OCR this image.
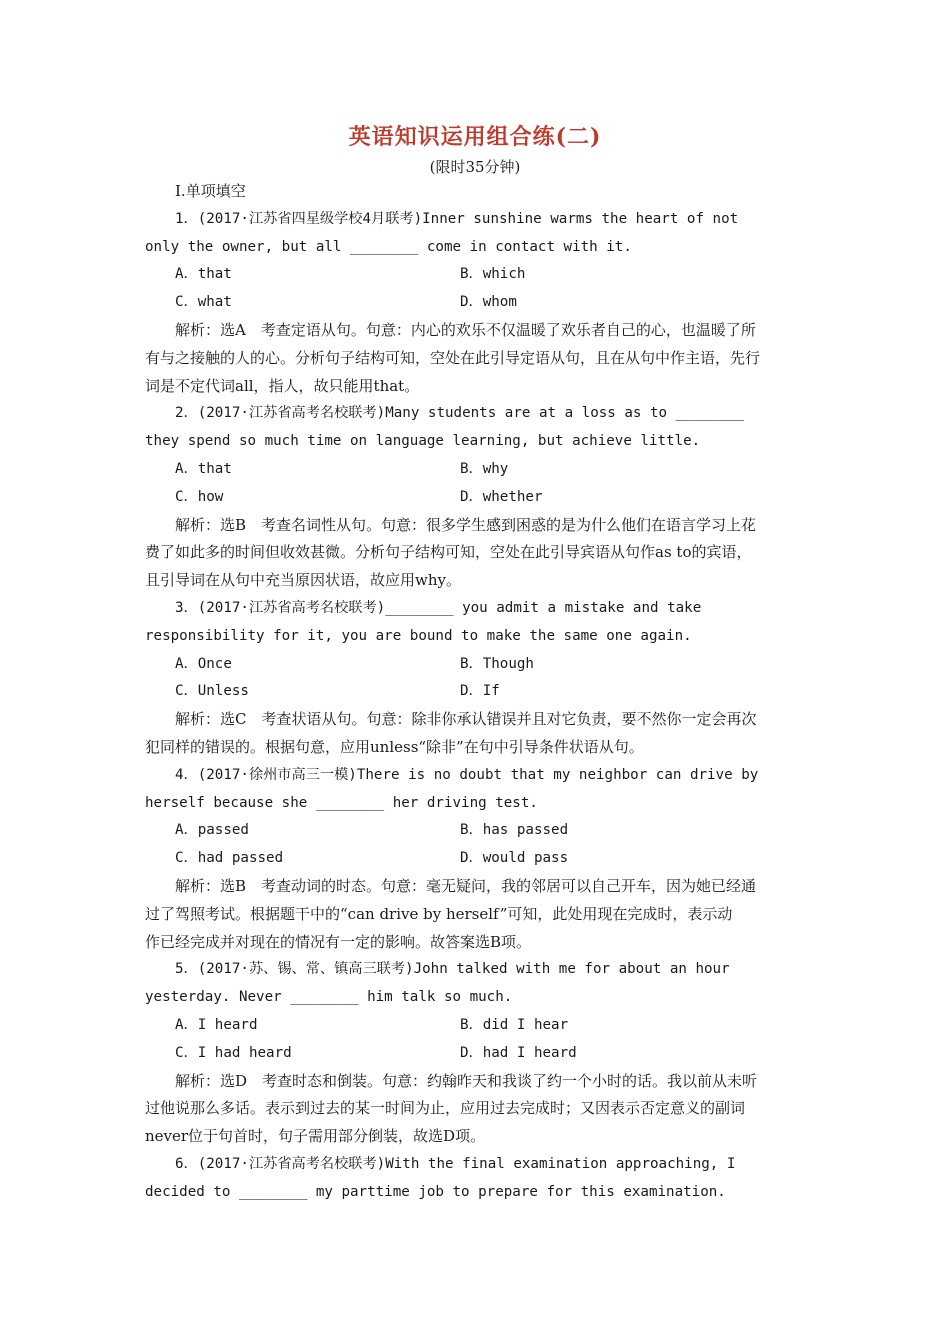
英语知识运用组合练(二)
(限时35分钟)
Ⅰ.单项填空
1．(2017·江苏省四星级学校4月联考)Inner sunshine warms the heart of not
only the owner, but all ________ come in contact with it.
A．that	B．which
C．what	D．whom
解析：选A　考查定语从句。句意：内心的欢乐不仅温暖了欢乐者自己的心，也温暖了所
有与之接触的人的心。分析句子结构可知，空处在此引导定语从句，且在从句中作主语，先行
词是不定代词all，指人，故只能用that。
2．(2017·江苏省高考名校联考)Many students are at a loss as to ________
they spend so much time on language learning, but achieve little.
A．that	B．why
C．how	D．whether
解析：选B　考查名词性从句。句意：很多学生感到困惑的是为什么他们在语言学习上花
费了如此多的时间但收效甚微。分析句子结构可知，空处在此引导宾语从句作as to的宾语，
且引导词在从句中充当原因状语，故应用why。
3．(2017·江苏省高考名校联考)________ you admit a mistake and take
responsibility for it, you are bound to make the same one again.
A．Once	B．Though
C．Unless	D．If
解析：选C　考查状语从句。句意：除非你承认错误并且对它负责，要不然你一定会再次
犯同样的错误的。根据句意，应用unless“除非”在句中引导条件状语从句。
4．(2017·徐州市高三一模)There is no doubt that my neighbor can drive by
herself because she ________ her driving test.
A．passed	B．has passed
C．had passed	D．would pass
解析：选B　考查动词的时态。句意：毫无疑问，我的邻居可以自己开车，因为她已经通
过了驾照考试。根据题干中的“can drive by herself”可知，此处用现在完成时，表示动
作已经完成并对现在的情况有一定的影响。故答案选B项。
5．(2017·苏、锡、常、镇高三联考)John talked with me for about an hour
yesterday. Never ________ him talk so much.
A．I heard	B．did I hear
C．I had heard	D．had I heard
解析：选D　考查时态和倒装。句意：约翰昨天和我谈了约一个小时的话。我以前从未听
过他说那么多话。表示到过去的某一时间为止，应用过去完成时；又因表示否定意义的副词
never位于句首时，句子需用部分倒装，故选D项。
6．(2017·江苏省高考名校联考)With the final examination approaching, I
decided to ________ my parttime job to prepare for this examination.
